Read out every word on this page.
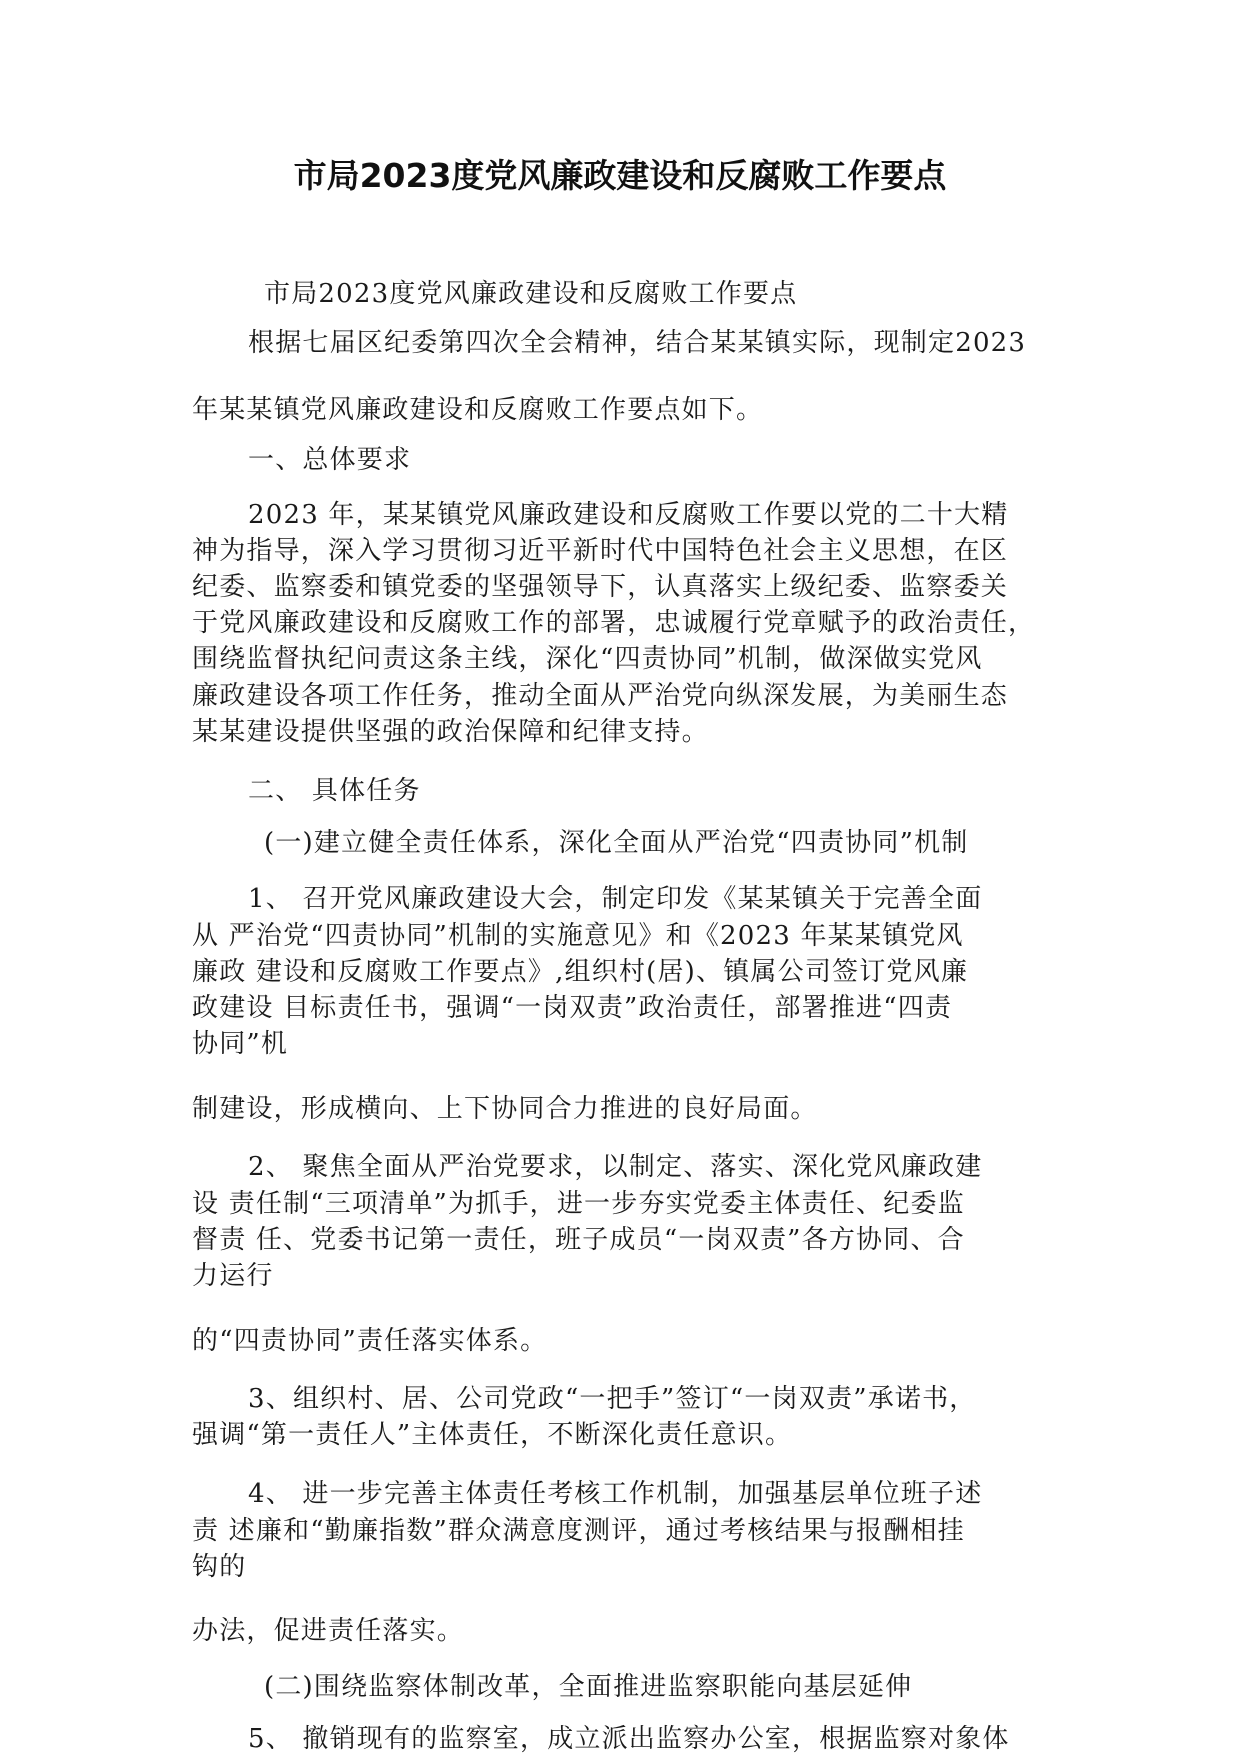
市局2023度党风廉政建设和反腐败工作要点
市局2023度党风廉政建设和反腐败工作要点
根据七届区纪委第四次全会精神，结合某某镇实际，现制定2023
年某某镇党风廉政建设和反腐败工作要点如下。
一、总体要求
2023 年，某某镇党风廉政建设和反腐败工作要以党的二十大精
神为指导，深入学习贯彻习近平新时代中国特色社会主义思想，在区
纪委、监察委和镇党委的坚强领导下，认真落实上级纪委、监察委关
于党风廉政建设和反腐败工作的部署，忠诚履行党章赋予的政治责任，
围绕监督执纪问责这条主线，深化“四责协同”机制，做深做实党风
廉政建设各项工作任务，推动全面从严治党向纵深发展，为美丽生态
某某建设提供坚强的政治保障和纪律支持。
二、 具体任务
(一)建立健全责任体系，深化全面从严治党“四责协同”机制
1、 召开党风廉政建设大会，制定印发《某某镇关于完善全面
从 严治党“四责协同”机制的实施意见》和《2023 年某某镇党风
廉政 建设和反腐败工作要点》,组织村(居)、镇属公司签订党风廉
政建设 目标责任书，强调“一岗双责”政治责任，部署推进“四责
协同”机
制建设，形成横向、上下协同合力推进的良好局面。
2、 聚焦全面从严治党要求，以制定、落实、深化党风廉政建
设 责任制“三项清单”为抓手，进一步夯实党委主体责任、纪委监
督责 任、党委书记第一责任，班子成员“一岗双责”各方协同、合
力运行
的“四责协同”责任落实体系。
3、组织村、居、公司党政“一把手”签订“一岗双责”承诺书，
强调“第一责任人”主体责任，不断深化责任意识。
4、 进一步完善主体责任考核工作机制，加强基层单位班子述
责 述廉和“勤廉指数”群众满意度测评，通过考核结果与报酬相挂
钩的
办法，促进责任落实。
(二)围绕监察体制改革，全面推进监察职能向基层延伸
5、 撤销现有的监察室，成立派出监察办公室，根据监察对象体
